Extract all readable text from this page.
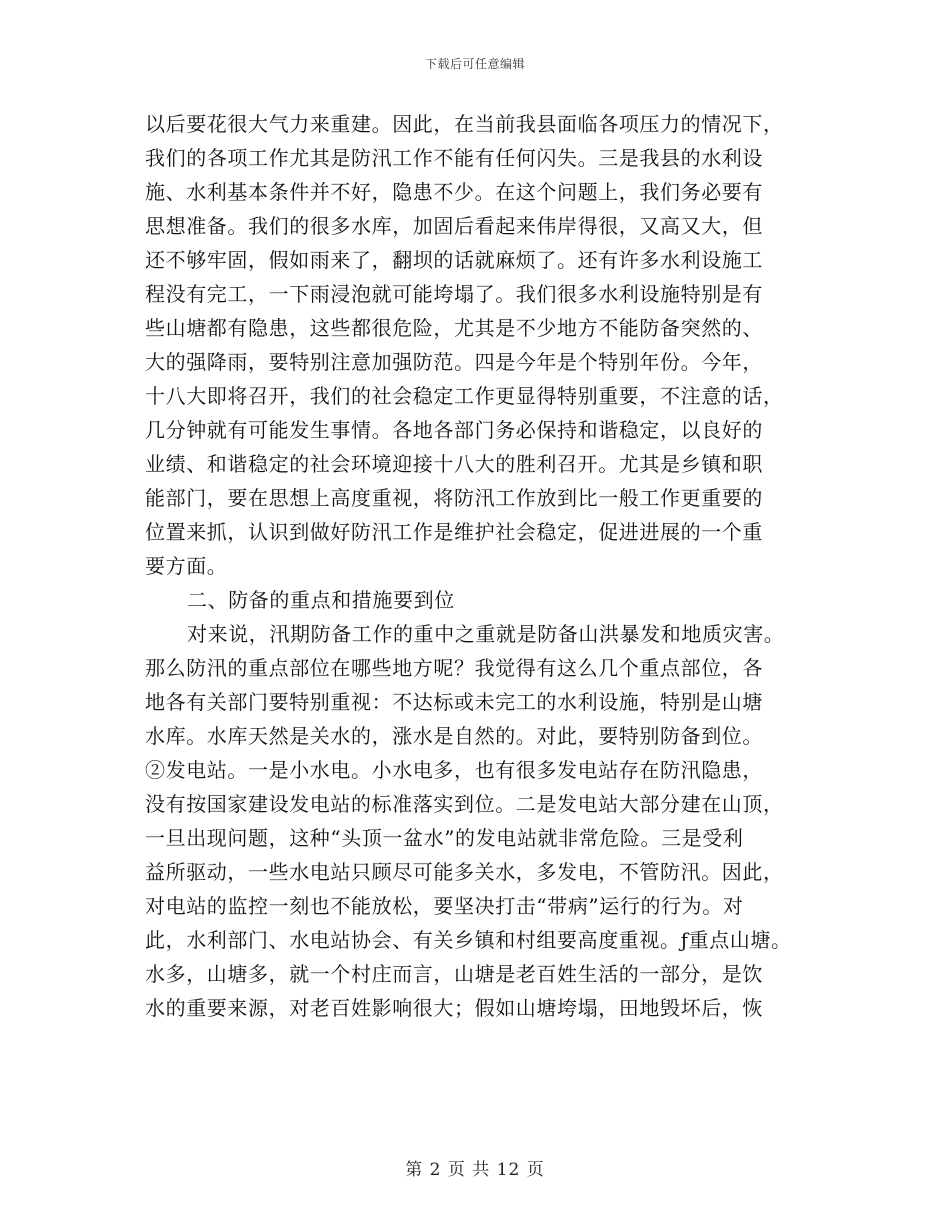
下载后可任意编辑
以后要花很大气力来重建。因此，在当前我县面临各项压力的情况下，
我们的各项工作尤其是防汛工作不能有任何闪失。三是我县的水利设
施、水利基本条件并不好，隐患不少。在这个问题上，我们务必要有
思想准备。我们的很多水库，加固后看起来伟岸得很，又高又大，但
还不够牢固，假如雨来了，翻坝的话就麻烦了。还有许多水利设施工
程没有完工，一下雨浸泡就可能垮塌了。我们很多水利设施特别是有
些山塘都有隐患，这些都很危险，尤其是不少地方不能防备突然的、
大的强降雨，要特别注意加强防范。四是今年是个特别年份。今年，
十八大即将召开，我们的社会稳定工作更显得特别重要，不注意的话，
几分钟就有可能发生事情。各地各部门务必保持和谐稳定，以良好的
业绩、和谐稳定的社会环境迎接十八大的胜利召开。尤其是乡镇和职
能部门，要在思想上高度重视，将防汛工作放到比一般工作更重要的
位置来抓，认识到做好防汛工作是维护社会稳定，促进进展的一个重
要方面。
二、防备的重点和措施要到位
对来说，汛期防备工作的重中之重就是防备山洪暴发和地质灾害。
那么防汛的重点部位在哪些地方呢？我觉得有这么几个重点部位，各
地各有关部门要特别重视：不达标或未完工的水利设施，特别是山塘
水库。水库天然是关水的，涨水是自然的。对此，要特别防备到位。
②发电站。一是小水电。小水电多，也有很多发电站存在防汛隐患，
没有按国家建设发电站的标准落实到位。二是发电站大部分建在山顶，
一旦出现问题，这种“头顶一盆水”的发电站就非常危险。三是受利
益所驱动，一些水电站只顾尽可能多关水，多发电，不管防汛。因此，
对电站的监控一刻也不能放松，要坚决打击“带病”运行的行为。对
此，水利部门、水电站协会、有关乡镇和村组要高度重视。ƒ重点山塘。
水多，山塘多，就一个村庄而言，山塘是老百姓生活的一部分，是饮
水的重要来源，对老百姓影响很大；假如山塘垮塌，田地毁坏后，恢
第 2 页 共 12 页
